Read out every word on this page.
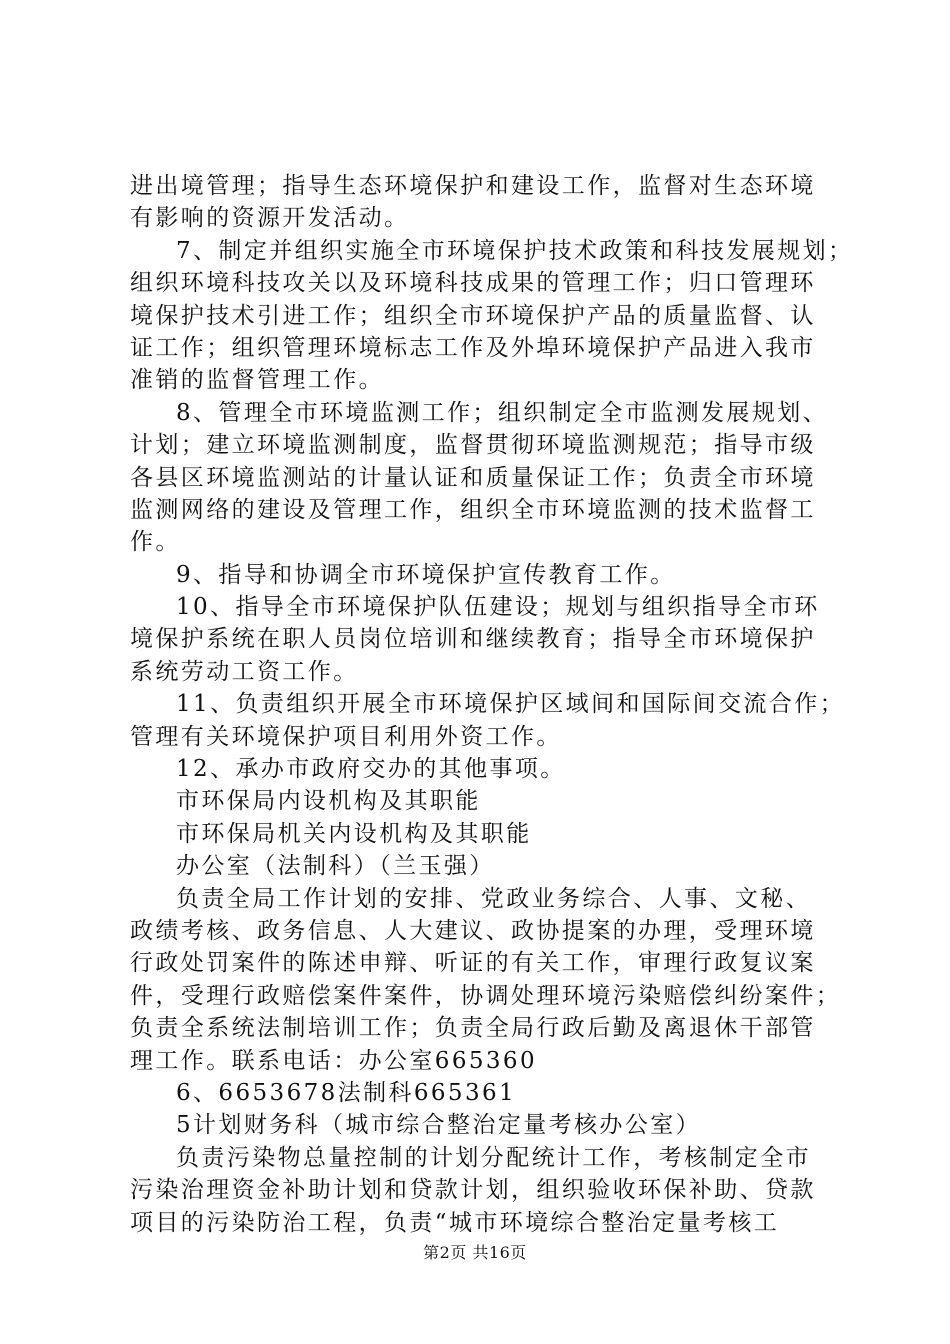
进出境管理；指导生态环境保护和建设工作，监督对生态环境
有影响的资源开发活动。
7、制定并组织实施全市环境保护技术政策和科技发展规划；
组织环境科技攻关以及环境科技成果的管理工作；归口管理环
境保护技术引进工作；组织全市环境保护产品的质量监督、认
证工作；组织管理环境标志工作及外埠环境保护产品进入我市
准销的监督管理工作。
8、管理全市环境监测工作；组织制定全市监测发展规划、
计划；建立环境监测制度，监督贯彻环境监测规范；指导市级
各县区环境监测站的计量认证和质量保证工作；负责全市环境
监测网络的建设及管理工作，组织全市环境监测的技术监督工
作。
9、指导和协调全市环境保护宣传教育工作。
10、指导全市环境保护队伍建设；规划与组织指导全市环
境保护系统在职人员岗位培训和继续教育；指导全市环境保护
系统劳动工资工作。
11、负责组织开展全市环境保护区域间和国际间交流合作；
管理有关环境保护项目利用外资工作。
12、承办市政府交办的其他事项。
市环保局内设机构及其职能
市环保局机关内设机构及其职能
办公室（法制科）（兰玉强）
负责全局工作计划的安排、党政业务综合、人事、文秘、
政绩考核、政务信息、人大建议、政协提案的办理，受理环境
行政处罚案件的陈述申辩、听证的有关工作，审理行政复议案
件，受理行政赔偿案件案件，协调处理环境污染赔偿纠纷案件；
负责全系统法制培训工作；负责全局行政后勤及离退休干部管
理工作。联系电话：办公室665360
6、6653678法制科665361
5计划财务科（城市综合整治定量考核办公室）
负责污染物总量控制的计划分配统计工作，考核制定全市
污染治理资金补助计划和贷款计划，组织验收环保补助、贷款
项目的污染防治工程，负责“城市环境综合整治定量考核工
第2页 共16页
